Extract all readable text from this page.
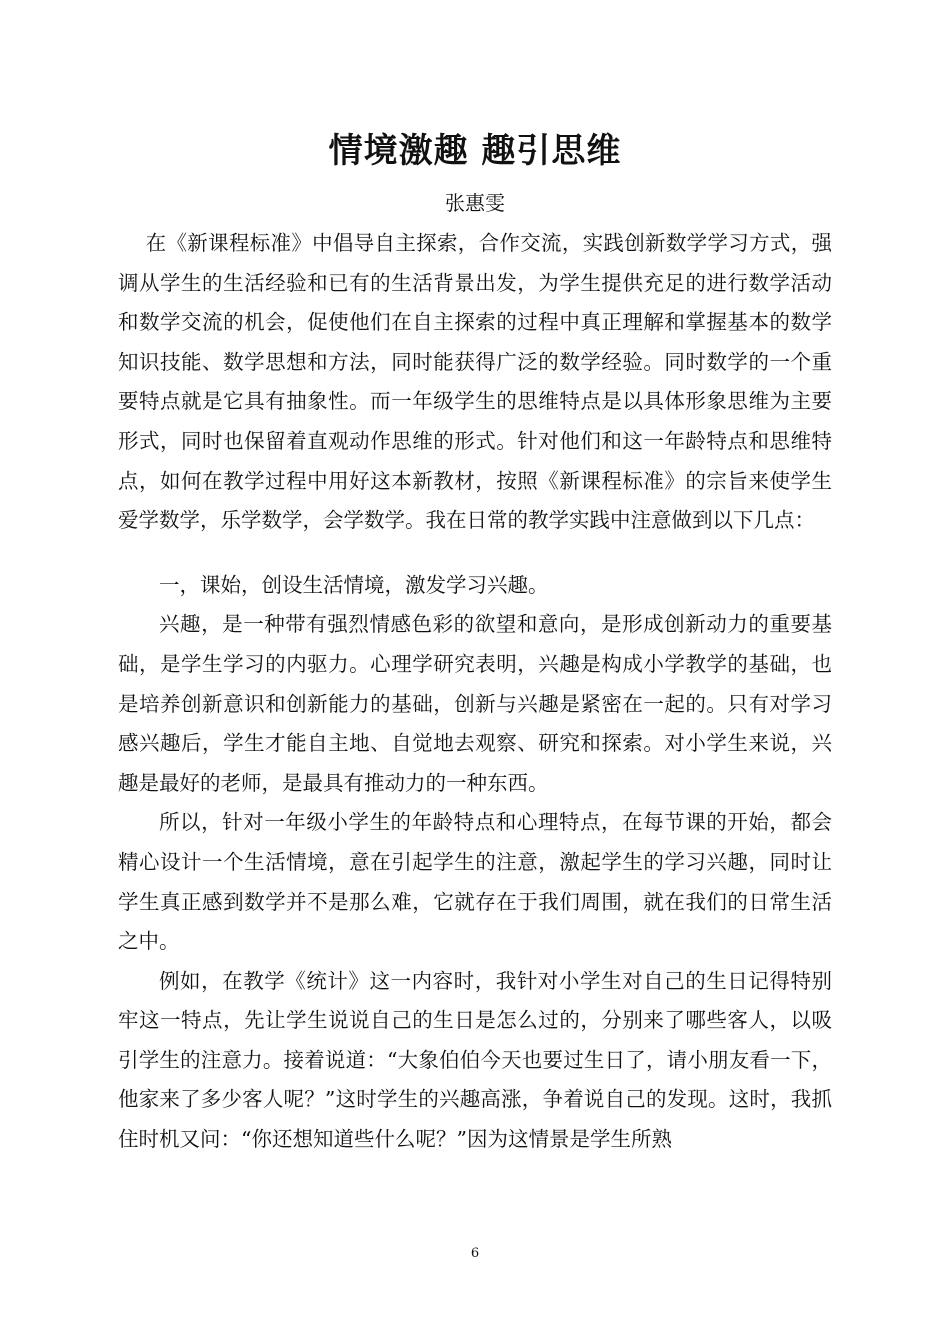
情境激趣 趣引思维
张惠雯

在《新课程标准》中倡导自主探索，合作交流，实践创新数学学习方式，强调从学生的生活经验和已有的生活背景出发，为学生提供充足的进行数学活动和数学交流的机会，促使他们在自主探索的过程中真正理解和掌握基本的数学知识技能、数学思想和方法，同时能获得广泛的数学经验。同时数学的一个重要特点就是它具有抽象性。而一年级学生的思维特点是以具体形象思维为主要形式，同时也保留着直观动作思维的形式。针对他们和这一年龄特点和思维特点，如何在教学过程中用好这本新教材，按照《新课程标准》的宗旨来使学生爱学数学，乐学数学，会学数学。我在日常的教学实践中注意做到以下几点：

一，课始，创设生活情境，激发学习兴趣。

兴趣，是一种带有强烈情感色彩的欲望和意向，是形成创新动力的重要基础，是学生学习的内驱力。心理学研究表明，兴趣是构成小学教学的基础，也是培养创新意识和创新能力的基础，创新与兴趣是紧密在一起的。只有对学习感兴趣后，学生才能自主地、自觉地去观察、研究和探索。对小学生来说，兴趣是最好的老师，是最具有推动力的一种东西。

所以，针对一年级小学生的年龄特点和心理特点，在每节课的开始，都会精心设计一个生活情境，意在引起学生的注意，激起学生的学习兴趣，同时让学生真正感到数学并不是那么难，它就存在于我们周围，就在我们的日常生活之中。

例如，在教学《统计》这一内容时，我针对小学生对自己的生日记得特别牢这一特点，先让学生说说自己的生日是怎么过的，分别来了哪些客人，以吸引学生的注意力。接着说道：“大象伯伯今天也要过生日了，请小朋友看一下，他家来了多少客人呢？”这时学生的兴趣高涨，争着说自己的发现。这时，我抓住时机又问：“你还想知道些什么呢？”因为这情景是学生所熟

6
